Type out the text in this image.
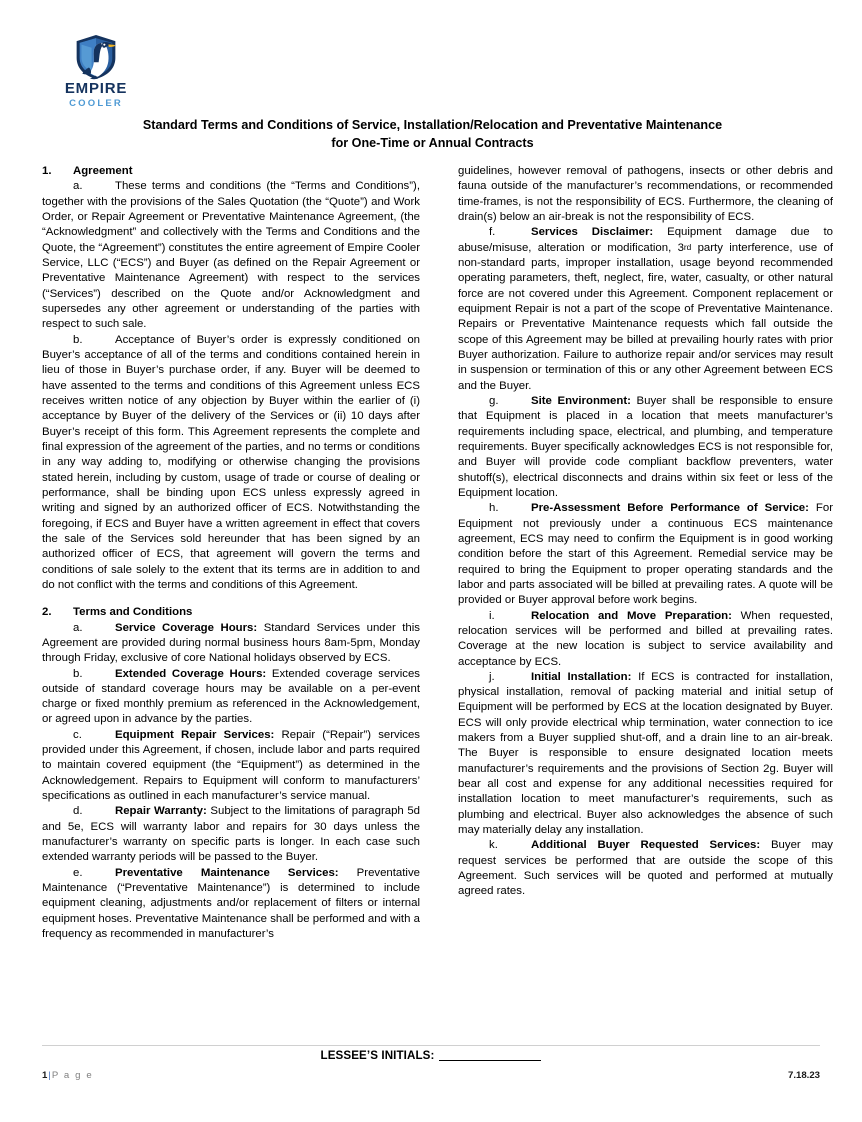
EMPIRE
COOLER
Standard Terms and Conditions of Service, Installation/Relocation and Preventative Maintenance
for One-Time or Annual Contracts

1. Agreement

a.	These terms and conditions (the “Terms and Conditions”), together with the provisions of the Sales Quotation (the “Quote”) and Work Order, or Repair Agreement or Preventative Maintenance Agreement, (the “Acknowledgment” and collectively with the Terms and Conditions and the Quote, the “Agreement”) constitutes the entire agreement of Empire Cooler Service, LLC (“ECS”) and Buyer (as defined on the Repair Agreement or Preventative Maintenance Agreement) with respect to the services (“Services”) described on the Quote and/or Acknowledgment and supersedes any other agreement or understanding of the parties with respect to such sale.

b.	Acceptance of Buyer’s order is expressly conditioned on Buyer’s acceptance of all of the terms and conditions contained herein in lieu of those in Buyer’s purchase order, if any. Buyer will be deemed to have assented to the terms and conditions of this Agreement unless ECS receives written notice of any objection by Buyer within the earlier of (i) acceptance by Buyer of the delivery of the Services or (ii) 10 days after Buyer’s receipt of this form. This Agreement represents the complete and final expression of the agreement of the parties, and no terms or conditions in any way adding to, modifying or otherwise changing the provisions stated herein, including by custom, usage of trade or course of dealing or performance, shall be binding upon ECS unless expressly agreed in writing and signed by an authorized officer of ECS. Notwithstanding the foregoing, if ECS and Buyer have a written agreement in effect that covers the sale of the Services sold hereunder that has been signed by an authorized officer of ECS, that agreement will govern the terms and conditions of sale solely to the extent that its terms are in addition to and do not conflict with the terms and conditions of this Agreement.

2. Terms and Conditions

a.	Service Coverage Hours: Standard Services under this Agreement are provided during normal business hours 8am-5pm, Monday through Friday, exclusive of core National holidays observed by ECS.

b.	Extended Coverage Hours: Extended coverage services outside of standard coverage hours may be available on a per-event charge or fixed monthly premium as referenced in the Acknowledgement, or agreed upon in advance by the parties.

c.	Equipment Repair Services: Repair (“Repair”) services provided under this Agreement, if chosen, include labor and parts required to maintain covered equipment (the “Equipment”) as determined in the Acknowledgement. Repairs to Equipment will conform to manufacturers’ specifications as outlined in each manufacturer’s service manual.

d.	Repair Warranty: Subject to the limitations of paragraph 5d and 5e, ECS will warranty labor and repairs for 30 days unless the manufacturer’s warranty on specific parts is longer. In each case such extended warranty periods will be passed to the Buyer.

e.	Preventative Maintenance Services: Preventative Maintenance (“Preventative Maintenance”) is determined to include equipment cleaning, adjustments and/or replacement of filters or internal equipment hoses. Preventative Maintenance shall be performed and with a frequency as recommended in manufacturer’s

guidelines, however removal of pathogens, insects or other debris and fauna outside of the manufacturer’s recommendations, or recommended time-frames, is not the responsibility of ECS. Furthermore, the cleaning of drain(s) below an air-break is not the responsibility of ECS.

f.	Services Disclaimer: Equipment damage due to abuse/misuse, alteration or modification, 3rd party interference, use of non-standard parts, improper installation, usage beyond recommended operating parameters, theft, neglect, fire, water, casualty, or other natural force are not covered under this Agreement. Component replacement or equipment Repair is not a part of the scope of Preventative Maintenance. Repairs or Preventative Maintenance requests which fall outside the scope of this Agreement may be billed at prevailing hourly rates with prior Buyer authorization. Failure to authorize repair and/or services may result in suspension or termination of this or any other Agreement between ECS and the Buyer.

g.	Site Environment: Buyer shall be responsible to ensure that Equipment is placed in a location that meets manufacturer’s requirements including space, electrical, and plumbing, and temperature requirements. Buyer specifically acknowledges ECS is not responsible for, and Buyer will provide code compliant backflow preventers, water shutoff(s), electrical disconnects and drains within six feet or less of the Equipment location.

h.	Pre-Assessment Before Performance of Service: For Equipment not previously under a continuous ECS maintenance agreement, ECS may need to confirm the Equipment is in good working condition before the start of this Agreement. Remedial service may be required to bring the Equipment to proper operating standards and the labor and parts associated will be billed at prevailing rates. A quote will be provided or Buyer approval before work begins.

i.	Relocation and Move Preparation: When requested, relocation services will be performed and billed at prevailing rates. Coverage at the new location is subject to service availability and acceptance by ECS.

j.	Initial Installation: If ECS is contracted for installation, physical installation, removal of packing material and initial setup of Equipment will be performed by ECS at the location designated by Buyer. ECS will only provide electrical whip termination, water connection to ice makers from a Buyer supplied shut-off, and a drain line to an air-break. The Buyer is responsible to ensure designated location meets manufacturer’s requirements and the provisions of Section 2g. Buyer will bear all cost and expense for any additional necessities required for installation location to meet manufacturer’s requirements, such as plumbing and electrical. Buyer also acknowledges the absence of such may materially delay any installation.

k.	Additional Buyer Requested Services: Buyer may request services be performed that are outside the scope of this Agreement. Such services will be quoted and performed at mutually agreed rates.

LESSEE’S INITIALS:
1|P a g e	7.18.23
